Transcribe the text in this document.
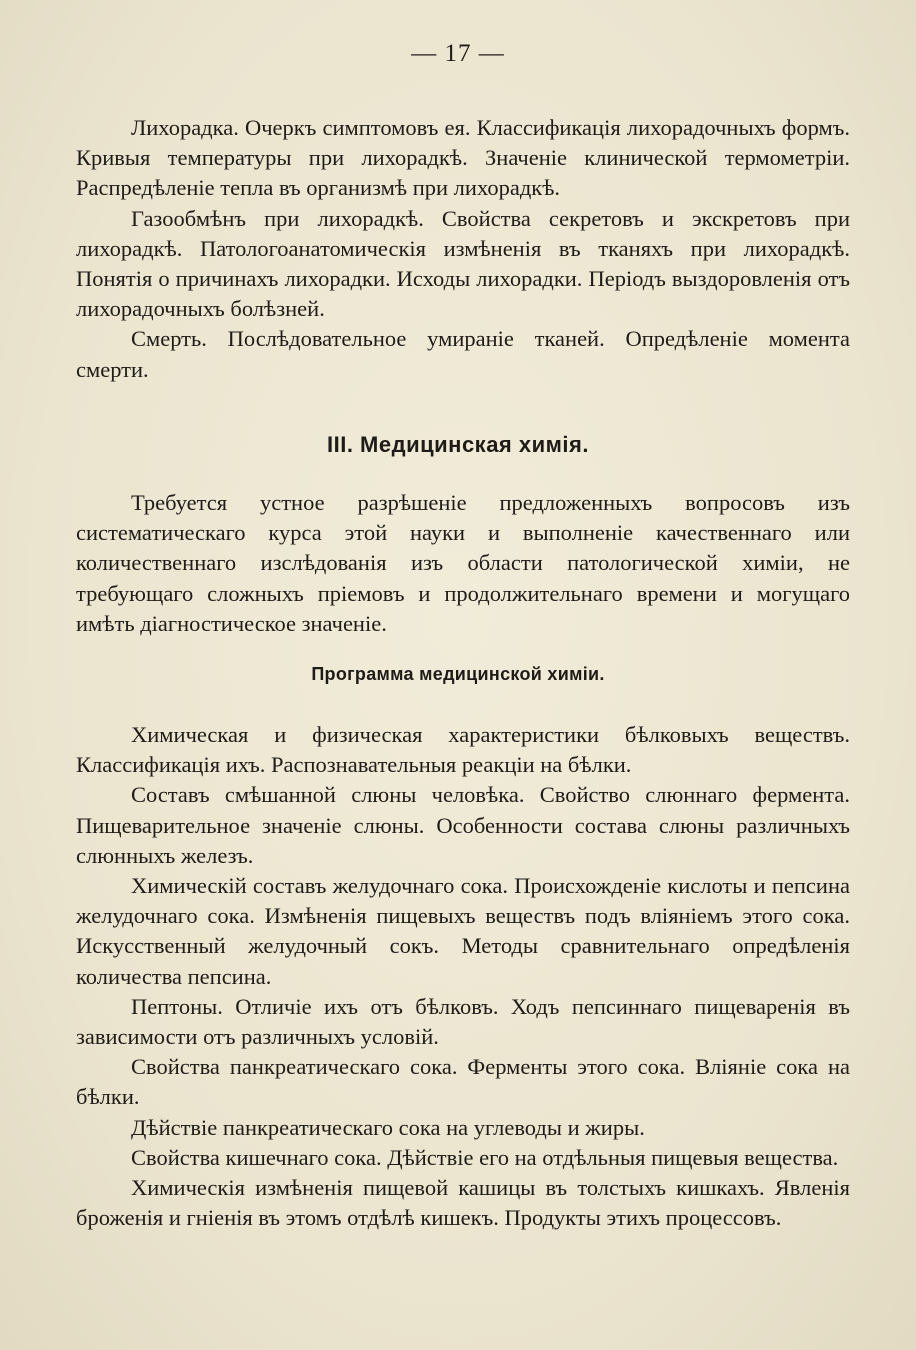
— 17 —

Лихорадка. Очеркъ симптомовъ ея. Классификація лихорадочныхъ формъ. Кривыя температуры при лихорадкѣ. Значеніе клинической термометріи. Распредѣленіе тепла въ организмѣ при лихорадкѣ.

Газообмѣнъ при лихорадкѣ. Свойства секретовъ и экскретовъ при лихорадкѣ. Патологоанатомическія измѣненія въ тканяхъ при лихорадкѣ. Понятія о причинахъ лихорадки. Исходы лихорадки. Періодъ выздоровленія отъ лихорадочныхъ болѣзней.

Смерть. Послѣдовательное умираніе тканей. Опредѣленіе момента смерти.

III. Медицинская химія.

Требуется устное разрѣшеніе предложенныхъ вопросовъ изъ систематическаго курса этой науки и выполненіе качественнаго или количественнаго изслѣдованія изъ области патологической химіи, не требующаго сложныхъ пріемовъ и продолжительнаго времени и могущаго имѣть діагностическое значеніе.

Программа медицинской химіи.

Химическая и физическая характеристики бѣлковыхъ веществъ. Классификація ихъ. Распознавательныя реакціи на бѣлки.

Составъ смѣшанной слюны человѣка. Свойство слюннаго фермента. Пищеварительное значеніе слюны. Особенности состава слюны различныхъ слюнныхъ железъ.

Химическій составъ желудочнаго сока. Происхожденіе кислоты и пепсина желудочнаго сока. Измѣненія пищевыхъ веществъ подъ вліяніемъ этого сока. Искусственный желудочный сокъ. Методы сравнительнаго опредѣленія количества пепсина.

Пептоны. Отличіе ихъ отъ бѣлковъ. Ходъ пепсиннаго пищеваренія въ зависимости отъ различныхъ условій.

Свойства панкреатическаго сока. Ферменты этого сока. Вліяніе сока на бѣлки.

Дѣйствіе панкреатическаго сока на углеводы и жиры.

Свойства кишечнаго сока. Дѣйствіе его на отдѣльныя пищевыя вещества.

Химическія измѣненія пищевой кашицы въ толстыхъ кишкахъ. Явленія броженія и гніенія въ этомъ отдѣлѣ кишекъ. Продукты этихъ процессовъ.
